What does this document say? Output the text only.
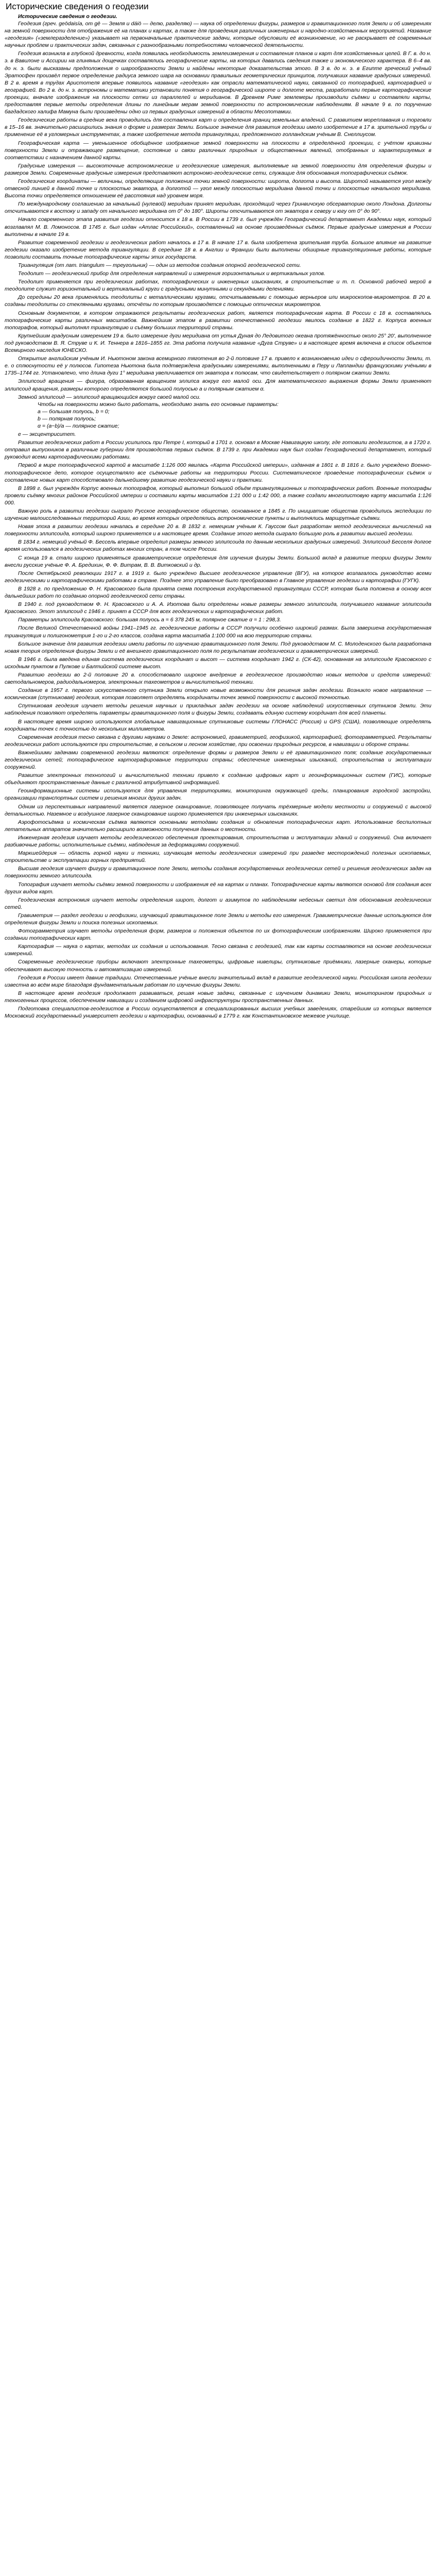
Исторические сведения о геодезии
Исторические сведения о геодезии.

Геодезия (греч. geōdaisía, от gē — Земля и dáiō — делю, разделяю) — наука об определении фигуры, размеров и гравитационного поля Земли и об измерениях на земной поверхности для отображения её на планах и картах, а также для проведения различных инженерных и народно-хозяйственных мероприятий. Название «геодезия» («землеразделение») указывает на первоначальные практические задачи, которые обусловили её возникновение, но не раскрывает её современных научных проблем и практических задач, связанных с разнообразными потребностями человеческой деятельности.

Геодезия возникла в глубокой древности, когда появилась необходимость землеизмерения и составления планов и карт для хозяйственных целей. В Г. в. до н. э. в Вавилоне и Ассирии на глиняных дощечках составлялись географические карты, на которых давались сведения также и экономического характера. В 6–4 вв. до н. э. были высказаны предположения о шарообразности Земли и найдены некоторые доказательства этого. В 3 в. до н. э. в Египте греческий учёный Эратосфен произвёл первое определение радиуса земного шара на основании правильных геометрических принципов, получивших название градусных измерений. В 2 в. время в трудах Аристотеля впервые появилось название «геодезия» как отрасли математической науки, связанной со топографией, картографией и географией. Во 2 в. до н. э. астрономы и математики установили понятия о географической широте и долготе места, разработали первые картографические проекции, вначале изображения на плоскости сетки из параллелей и меридианов. В Древнем Риме землемеры производили съёмки и составляли карты, предоставляя первые методы определения длины по линейным мерам земной поверхности по астрономическим наблюдениям. В начале 9 в. по поручению багдадского халифа Мамуна были произведены одно из первых градусных измерений в области Месопотамии.

Геодезические работы в средние века проводились для составления карт и определения границ земельных владений. С развитием мореплавания и торговли в 15–16 вв. значительно расширились знания о форме и размерах Земли. Большое значение для развития геодезии имело изобретение в 17 в. зрительной трубы и применение её в угломерных инструментах, а также изобретение метода триангуляции, предложенного голландским учёным В. Снеллиусом.

Географическая карта — уменьшенное обобщённое изображение земной поверхности на плоскости в определённой проекции, с учётом кривизны поверхности Земли и отражающее размещение, состояние и связи различных природных и общественных явлений, отобранных и характеризуемых в соответствии с назначением данной карты.

Градусные измерения — высокоточные астрономические и геодезические измерения, выполняемые на земной поверхности для определения фигуры и размеров Земли. Современные градусные измерения представляют астрономо-геодезические сети, служащие для обоснования топографических съёмок.

Геодезические координаты — величины, определяющие положение точки земной поверхности: широта, долгота и высота. Широтой называется угол между отвесной линией в данной точке и плоскостью экватора, а долготой — угол между плоскостью меридиана данной точки и плоскостью начального меридиана. Высота точки определяется отношением её расстояния над уровнем моря.

По международному соглашению за начальный (нулевой) меридиан принят меридиан, проходящий через Гринвичскую обсерваторию около Лондона. Долготы отсчитываются к востоку и западу от начального меридиана от 0° до 180°. Широты отсчитываются от экватора к северу и югу от 0° до 90°.

Начало современного этапа развития геодезии относится к 18 в. В России в 1739 г. был учреждён Географический департамент Академии наук, который возглавлял М. В. Ломоносов. В 1745 г. был издан «Атлас Российский», составленный на основе произведённых съёмок. Первые градусные измерения в России выполнены в начале 19 в.

Развитие современной геодезии и геодезических работ началось в 17 в. В начале 17 в. была изобретена зрительная труба. Большое влияние на развитие геодезии оказало изобретение метода триангуляции. В середине 18 в. в Англии и Франции были выполнены обширные триангуляционные работы, которые позволили составить точные топографические карты этих государств.

Триангуляция (от лат. triangulum — треугольник) — один из методов создания опорной геодезической сети.

Теодолит — геодезический прибор для определения направлений и измерения горизонтальных и вертикальных углов.

Теодолит применяется при геодезических работах, топографических и инженерных изысканиях, в строительстве и т. п. Основной рабочей мерой в теодолите служит горизонтальный и вертикальный круги с градусными минутными и секундными делениями.

До середины 20 века применялись теодолиты с металлическими кругами, отсчитываемыми с помощью верньеров или микроскопов-микрометров. В 20 в. созданы теодолиты со стеклянными кругами, отсчёты по которым производятся с помощью оптических микрометров.

Основным документом, в котором отражаются результаты геодезических работ, является топографическая карта. В России с 18 в. составлялись топографические карты различных масштабов. Важнейшим этапом в развитии отечественной геодезии явилось создание в 1822 г. Корпуса военных топографов, который выполнял триангуляцию и съёмку больших территорий страны.

Крупнейшим градусным измерением 19 в. было измерение дуги меридиана от устья Дуная до Ледовитого океана протяжённостью около 25° 20', выполненное под руководством В. Я. Струве и К. И. Теннера в 1816–1855 гг. Эта работа получила название «Дуга Струве» и в настоящее время включена в список объектов Всемирного наследия ЮНЕСКО.

Открытие английским учёным И. Ньютоном закона всемирного тяготения во 2-й половине 17 в. привело к возникновению идеи о сфероидичности Земли, т. е. о сплюснутости её у полюсов. Гипотеза Ньютона была подтверждена градусными измерениями, выполненными в Перу и Лапландии французскими учёными в 1735–1744 гг. Установлено, что длина дуги 1° меридиана увеличивается от экватора к полюсам, что свидетельствует о полярном сжатии Земли.

Эллипсоид вращения — фигура, образованная вращением эллипса вокруг его малой оси. Для математического выражения формы Земли применяют эллипсоид вращения, размеры которого определяются большой полуосью a и полярным сжатием α.

Земной эллипсоид — эллипсоид вращающийся вокруг своей малой оси.

Чтобы на поверхности можно было работать, необходимо знать его основные параметры:

а — большая полуось, b = 0;

b — полярная полуось;

α = (a−b)/a — полярное сжатие;

e — эксцентриситет.

Развитие геодезических работ в России усилилось при Петре I, который в 1701 г. основал в Москве Навигацкую школу, где готовили геодезистов, а в 1720 г. отправил выпускников в различные губернии для производства первых съёмок. В 1739 г. при Академии наук был создан Географический департамент, который руководил всеми картографическими работами.

Первой в мире топографической картой в масштабе 1:126 000 явилась «Карта Российской империи», изданная в 1801 г. В 1816 г. было учреждено Военно-топографическое депо, которое осуществляло все съёмочные работы на территории России. Систематическое проведение топографических съёмок и составление новых карт способствовало дальнейшему развитию геодезической науки и практики.

В 1898 г. был учреждён Корпус военных топографов, который выполнил большой объём триангуляционных и топографических работ. Военные топографы провели съёмку многих районов Российской империи и составили карты масштабов 1:21 000 и 1:42 000, а также создали многолистовую карту масштаба 1:126 000.

Важную роль в развитии геодезии сыграло Русское географическое общество, основанное в 1845 г. По инициативе общества проводились экспедиции по изучению малоисследованных территорий Азии, во время которых определялись астрономические пункты и выполнялись маршрутные съёмки.

Новая эпоха в развитии геодезии началась в середине 20 в. В 1832 г. немецким учёным К. Гауссом был разработан метод геодезических вычислений на поверхности эллипсоида, который широко применяется и в настоящее время. Создание этого метода сыграло большую роль в развитии высшей геодезии.

В 1834 г. немецкий учёный Ф. Бессель впервые определил размеры земного эллипсоида по данным нескольких градусных измерений. Эллипсоид Бесселя долгое время использовался в геодезических работах многих стран, в том числе России.

С конца 19 в. стали широко применяться гравиметрические определения для изучения фигуры Земли. Большой вклад в развитие теории фигуры Земли внесли русские учёные Ф. А. Бредихин, Ф. Ф. Витрам, В. В. Витковский и др.

После Октябрьской революции 1917 г. в 1919 г. было учреждено Высшее геодезическое управление (ВГУ), на которое возлагалось руководство всеми геодезическими и картографическими работами в стране. Позднее это управление было преобразовано в Главное управление геодезии и картографии (ГУГК).

В 1928 г. по предложению Ф. Н. Красовского была принята схема построения государственной триангуляции СССР, которая была положена в основу всех дальнейших работ по созданию опорной геодезической сети страны.

В 1940 г. под руководством Ф. Н. Красовского и А. А. Изотова были определены новые размеры земного эллипсоида, получившего название эллипсоида Красовского. Этот эллипсоид с 1946 г. принят в СССР для всех геодезических и картографических работ.

Параметры эллипсоида Красовского: большая полуось a = 6 378 245 м, полярное сжатие α = 1 : 298,3.

После Великой Отечественной войны 1941–1945 гг. геодезические работы в СССР получили особенно широкий размах. Была завершена государственная триангуляция и полигонометрия 1-го и 2-го классов, создана карта масштаба 1:100 000 на всю территорию страны.

Большое значение для развития геодезии имели работы по изучению гравитационного поля Земли. Под руководством М. С. Молоденского была разработана новая теория определения фигуры Земли и её внешнего гравитационного поля по результатам геодезических и гравиметрических измерений.

В 1946 г. была введена единая система геодезических координат и высот — система координат 1942 г. (СК-42), основанная на эллипсоиде Красовского с исходным пунктом в Пулкове и Балтийской системе высот.

Развитию геодезии во 2-й половине 20 в. способствовало широкое внедрение в геодезическое производство новых методов и средств измерений: светодальномеров, радиодальномеров, электронных тахеометров и вычислительной техники.

Создание в 1957 г. первого искусственного спутника Земли открыло новые возможности для решения задач геодезии. Возникло новое направление — космическая (спутниковая) геодезия, которая позволяет определять координаты точек земной поверхности с высокой точностью.

Спутниковая геодезия изучает методы решения научных и прикладных задач геодезии на основе наблюдений искусственных спутников Земли. Эти наблюдения позволяют определять параметры гравитационного поля и фигуры Земли, создавать единую систему координат для всей планеты.

В настоящее время широко используются глобальные навигационные спутниковые системы ГЛОНАСС (Россия) и GPS (США), позволяющие определять координаты точек с точностью до нескольких миллиметров.

Современная геодезия тесно связана с другими науками о Земле: астрономией, гравиметрией, геофизикой, картографией, фотограмметрией. Результаты геодезических работ используются при строительстве, в сельском и лесном хозяйстве, при освоении природных ресурсов, в навигации и обороне страны.

Важнейшими задачами современной геодезии являются: определение формы и размеров Земли и её гравитационного поля; создание государственных геодезических сетей; топографическое картографирование территории страны; обеспечение инженерных изысканий, строительства и эксплуатации сооружений.

Развитие электронных технологий и вычислительной техники привело к созданию цифровых карт и геоинформационных систем (ГИС), которые объединяют пространственные данные с различной атрибутивной информацией.

Геоинформационные системы используются для управления территориями, мониторинга окружающей среды, планирования городской застройки, организации транспортных систем и решения многих других задач.

Одним из перспективных направлений является лазерное сканирование, позволяющее получать трёхмерные модели местности и сооружений с высокой детальностью. Наземное и воздушное лазерное сканирование широко применяется при инженерных изысканиях.

Аэрофотосъёмка и космическая съёмка являются основными методами создания и обновления топографических карт. Использование беспилотных летательных аппаратов значительно расширило возможности получения данных о местности.

Инженерная геодезия изучает методы геодезического обеспечения проектирования, строительства и эксплуатации зданий и сооружений. Она включает разбивочные работы, исполнительные съёмки, наблюдения за деформациями сооружений.

Маркшейдерия — область горной науки и техники, изучающая методы геодезических измерений при разведке месторождений полезных ископаемых, строительстве и эксплуатации горных предприятий.

Высшая геодезия изучает фигуру и гравитационное поле Земли, методы создания государственных геодезических сетей и решения геодезических задач на поверхности земного эллипсоида.

Топография изучает методы съёмки земной поверхности и изображения её на картах и планах. Топографические карты являются основой для создания всех других видов карт.

Геодезическая астрономия изучает методы определения широт, долгот и азимутов по наблюдениям небесных светил для обоснования геодезических сетей.

Гравиметрия — раздел геодезии и геофизики, изучающий гравитационное поле Земли и методы его измерения. Гравиметрические данные используются для определения фигуры Земли и поиска полезных ископаемых.

Фотограмметрия изучает методы определения форм, размеров и положения объектов по их фотографическим изображениям. Широко применяется при создании топографических карт.

Картография — наука о картах, методах их создания и использования. Тесно связана с геодезией, так как карты составляются на основе геодезических измерений.

Современные геодезические приборы включают электронные тахеометры, цифровые нивелиры, спутниковые приёмники, лазерные сканеры, которые обеспечивают высокую точность и автоматизацию измерений.

Геодезия в России имеет давние традиции. Отечественные учёные внесли значительный вклад в развитие геодезической науки. Российская школа геодезии известна во всём мире благодаря фундаментальным работам по изучению фигуры Земли.

В настоящее время геодезия продолжает развиваться, решая новые задачи, связанные с изучением динамики Земли, мониторингом природных и техногенных процессов, обеспечением навигации и созданием цифровой инфраструктуры пространственных данных.

Подготовка специалистов-геодезистов в России осуществляется в специализированных высших учебных заведениях, старейшим из которых является Московский государственный университет геодезии и картографии, основанный в 1779 г. как Константиновское межевое училище.
